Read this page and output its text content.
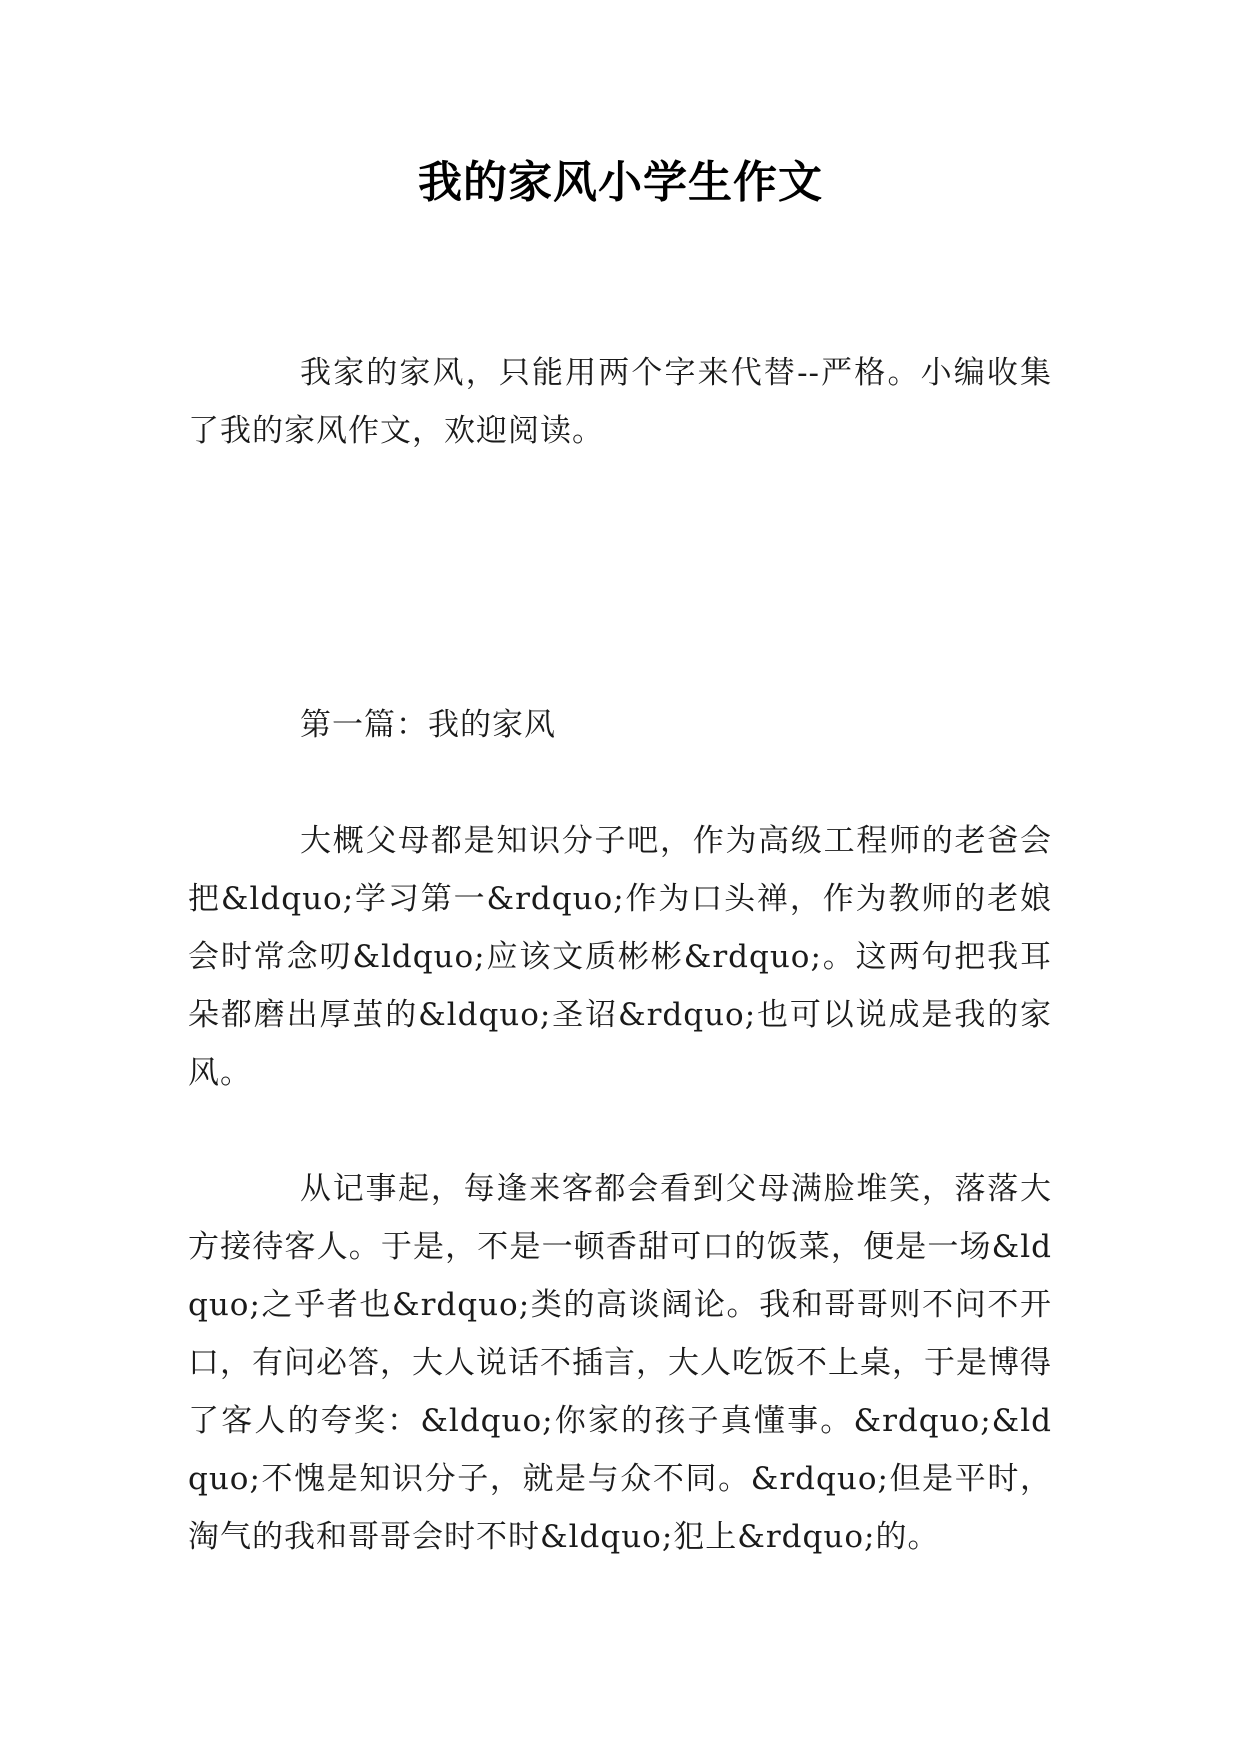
我的家风小学生作文
我家的家风，只能用两个字来代替--严格。小编收集了我的家风作文，欢迎阅读。
第一篇：我的家风
大概父母都是知识分子吧，作为高级工程师的老爸会把&ldquo;学习第一&rdquo;作为口头禅，作为教师的老娘会时常念叨&ldquo;应该文质彬彬&rdquo;。这两句把我耳朵都磨出厚茧的&ldquo;圣诏&rdquo;也可以说成是我的家风。
从记事起，每逢来客都会看到父母满脸堆笑，落落大方接待客人。于是，不是一顿香甜可口的饭菜，便是一场&ldquo;之乎者也&rdquo;类的高谈阔论。我和哥哥则不问不开口，有问必答，大人说话不插言，大人吃饭不上桌，于是博得了客人的夸奖：&ldquo;你家的孩子真懂事。&rdquo;&ldquo;不愧是知识分子，就是与众不同。&rdquo;但是平时，淘气的我和哥哥会时不时&ldquo;犯上&rdquo;的。
